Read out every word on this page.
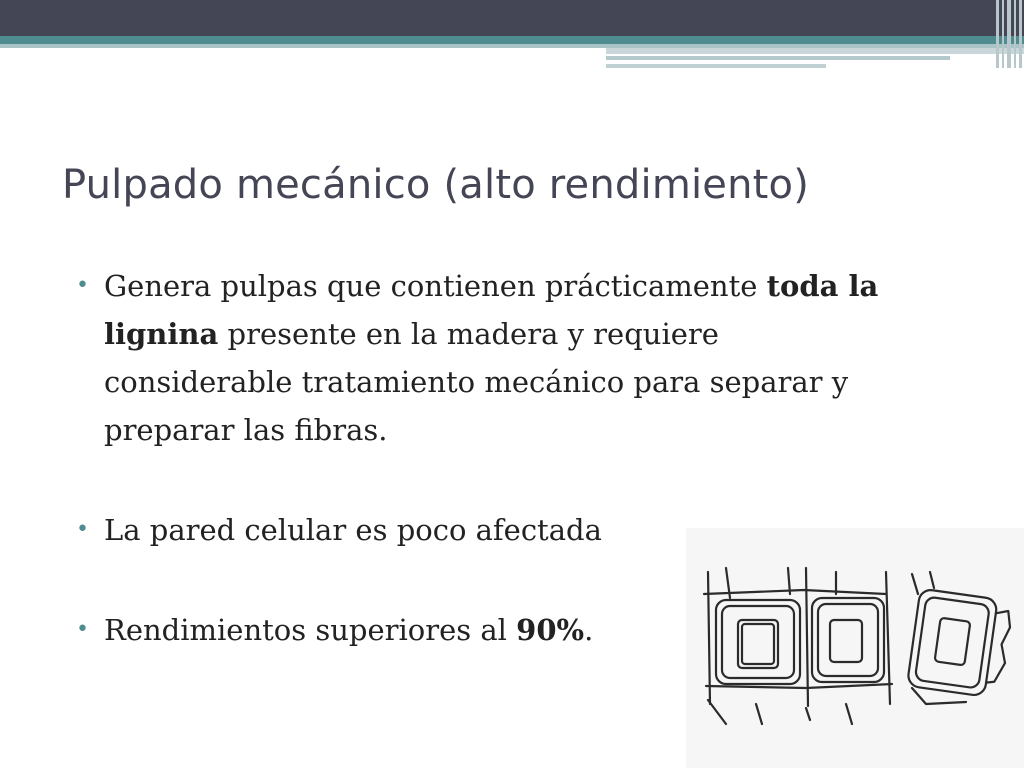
Pulpado mecánico (alto rendimiento)
• Genera pulpas que contienen prácticamente toda la lignina presente en la madera y requiere considerable tratamiento mecánico para separar y preparar las fibras.
• La pared celular es poco afectada
• Rendimientos superiores al 90%.
